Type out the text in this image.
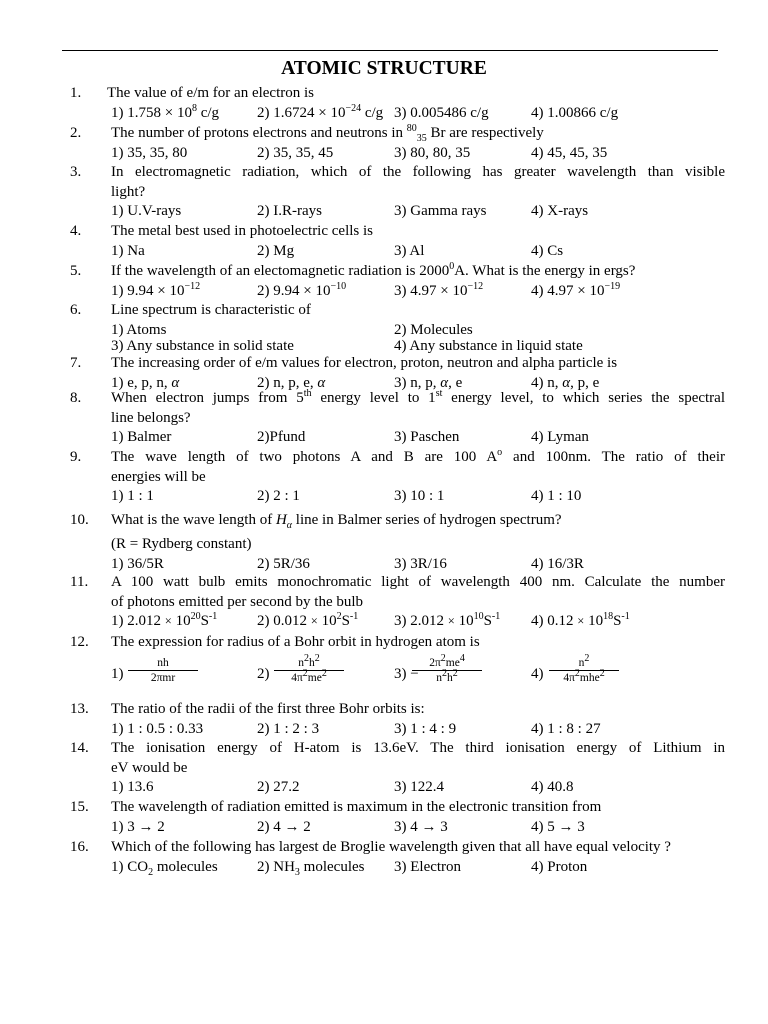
ATOMIC STRUCTURE
1. The value of e/m for an electron is
1) $1.758 \times 10^8$ c/g	2) $1.6724 \times 10^{-24}$ c/g 3) 0.005486 c/g	4) 1.00866 c/g
2. The number of protons electrons and neutrons in $^{80}_{35}$ Br are respectively
1) 35, 35, 80	2) 35, 35, 45	3) 80, 80, 35	4) 45, 45, 35
3. In electromagnetic radiation, which of the following has greater wavelength than visible
light?
1) U.V-rays	2) I.R-rays	3) Gamma rays	4) X-rays
4. The metal best used in photoelectric cells is
1) Na	2) Mg	3) Al	4) Cs
5. If the wavelength of an electomagnetic radiation is 2000$^0$A. What is the energy in ergs?
1) $9.94 \times 10^{-12}$	2) $9.94 \times 10^{-10}$	3) $4.97 \times 10^{-12}$	4) $4.97 \times 10^{-19}$
6. Line spectrum is characteristic of
1) Atoms	2) Molecules
3) Any substance in solid state	4) Any substance in liquid state
7. The increasing order of e/m values for electron, proton, neutron and alpha particle is
1) e, p, n, α	2) n, p, e, α	3) n, p, α, e	4) n, α, p, e
8. When electron jumps from 5th energy level to 1st energy level, to which series the spectral
line belongs?
1) Balmer	2)Pfund	3) Paschen	4) Lyman
9. The wave length of two photons A and B are 100 $A^o$ and 100nm. The ratio of their
energies will be
1) 1 : 1	2) 2 : 1	3) 10 : 1	4) 1 : 10
10. What is the wave length of $H_\alpha$ line in Balmer series of hydrogen spectrum?
(R = Rydberg constant)
1) 36/5R	2) 5R/36	3) 3R/16	4) 16/3R
11. A 100 watt bulb emits monochromatic light of wavelength 400 nm. Calculate the number
of photons emitted per second by the bulb
1) $2.012 \times 10^{20}S^{-1}$	2) $0.012 \times 10^2S^{-1}$ 3) $2.012 \times 10^{10}S^{-1}$ 4) $0.12 \times 10^{18}S^{-1}$
12. The expression for radius of a Bohr orbit in hydrogen atom is
1)
nh
2πmr	$2) \frac{n^2h^2}{4\pi^2me^2}$	3) −
$\frac{2\pi^2me^4}{n^2h^2}$	4)
$n^2$
$4\pi^2mhe^2$
13. The ratio of the radii of the first three Bohr orbits is:
1) 1 : 0.5 : 0.33	2) 1 : 2 : 3	3) 1 : 4 : 9	4) 1 : 8 : 27
14. The ionisation energy of H-atom is 13.6eV. The third ionisation energy of Lithium in
eV would be
1) 13.6	2) 27.2	3) 122.4	4) 40.8
15. The wavelength of radiation emitted is maximum in the electronic transition from
1) 3 → 2	2) 4 → 2	3) 4 → 3	4) 5 → 3
16. Which of the following has largest de Broglie wavelength given that all have equal velocity ?
1) $CO_2$ molecules	2) $NH_3$ molecules 3) Electron	4) Proton
